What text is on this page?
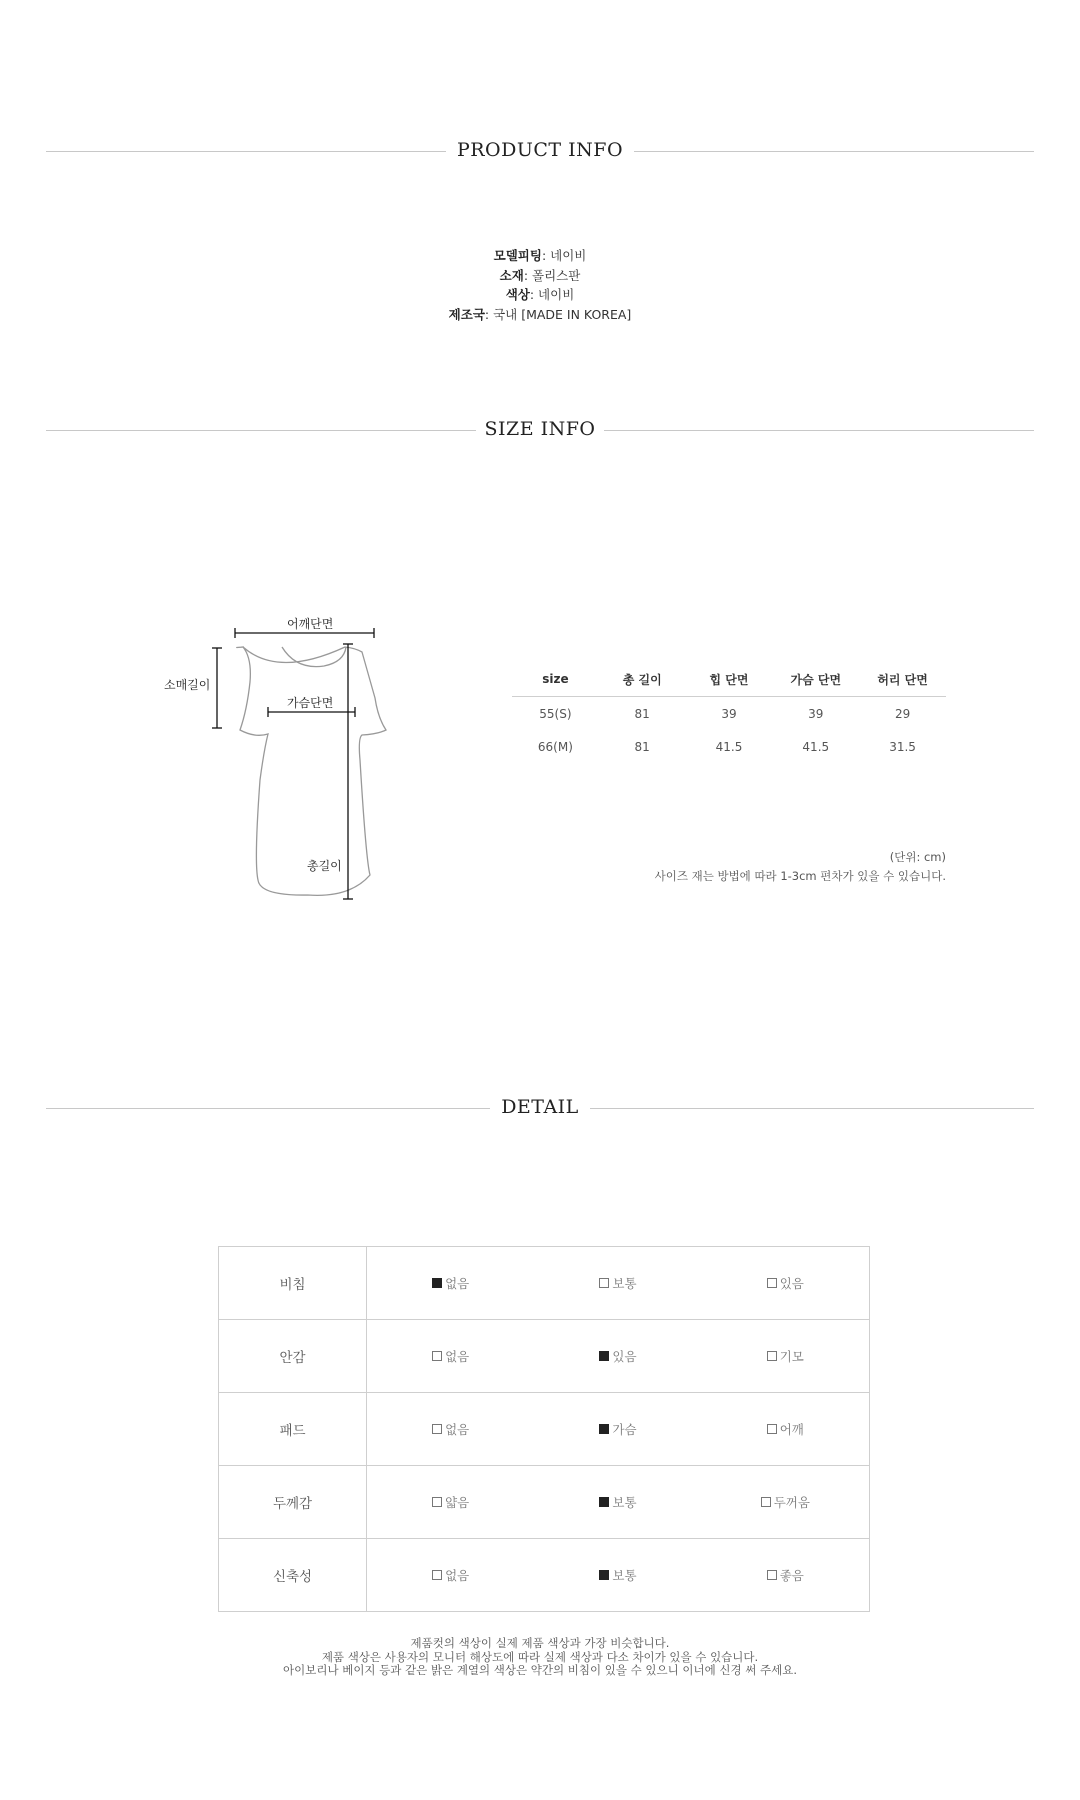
PRODUCT INFO
모델피팅: 네이비
소재: 폴리스판
색상: 네이비
제조국: 국내 [MADE IN KOREA]
SIZE INFO
어깨단면
소매길이
가슴단면
총길이
size	총 길이	힙 단면	가슴 단면	허리 단면
55(S)	81	39	39	29
66(M)	81	41.5	41.5	31.5
(단위: cm)
사이즈 재는 방법에 따라 1-3cm 편차가 있을 수 있습니다.
DETAIL
비침	없음	보통	있음
안감	없음	있음	기모
패드	없음	가슴	어깨
두께감	얇음	보통	두꺼움
신축성	없음	보통	좋음
제품컷의 색상이 실제 제품 색상과 가장 비슷합니다.
제품 색상은 사용자의 모니터 해상도에 따라 실제 색상과 다소 차이가 있을 수 있습니다.
아이보리나 베이지 등과 같은 밝은 계열의 색상은 약간의 비침이 있을 수 있으니 이너에 신경 써 주세요.
